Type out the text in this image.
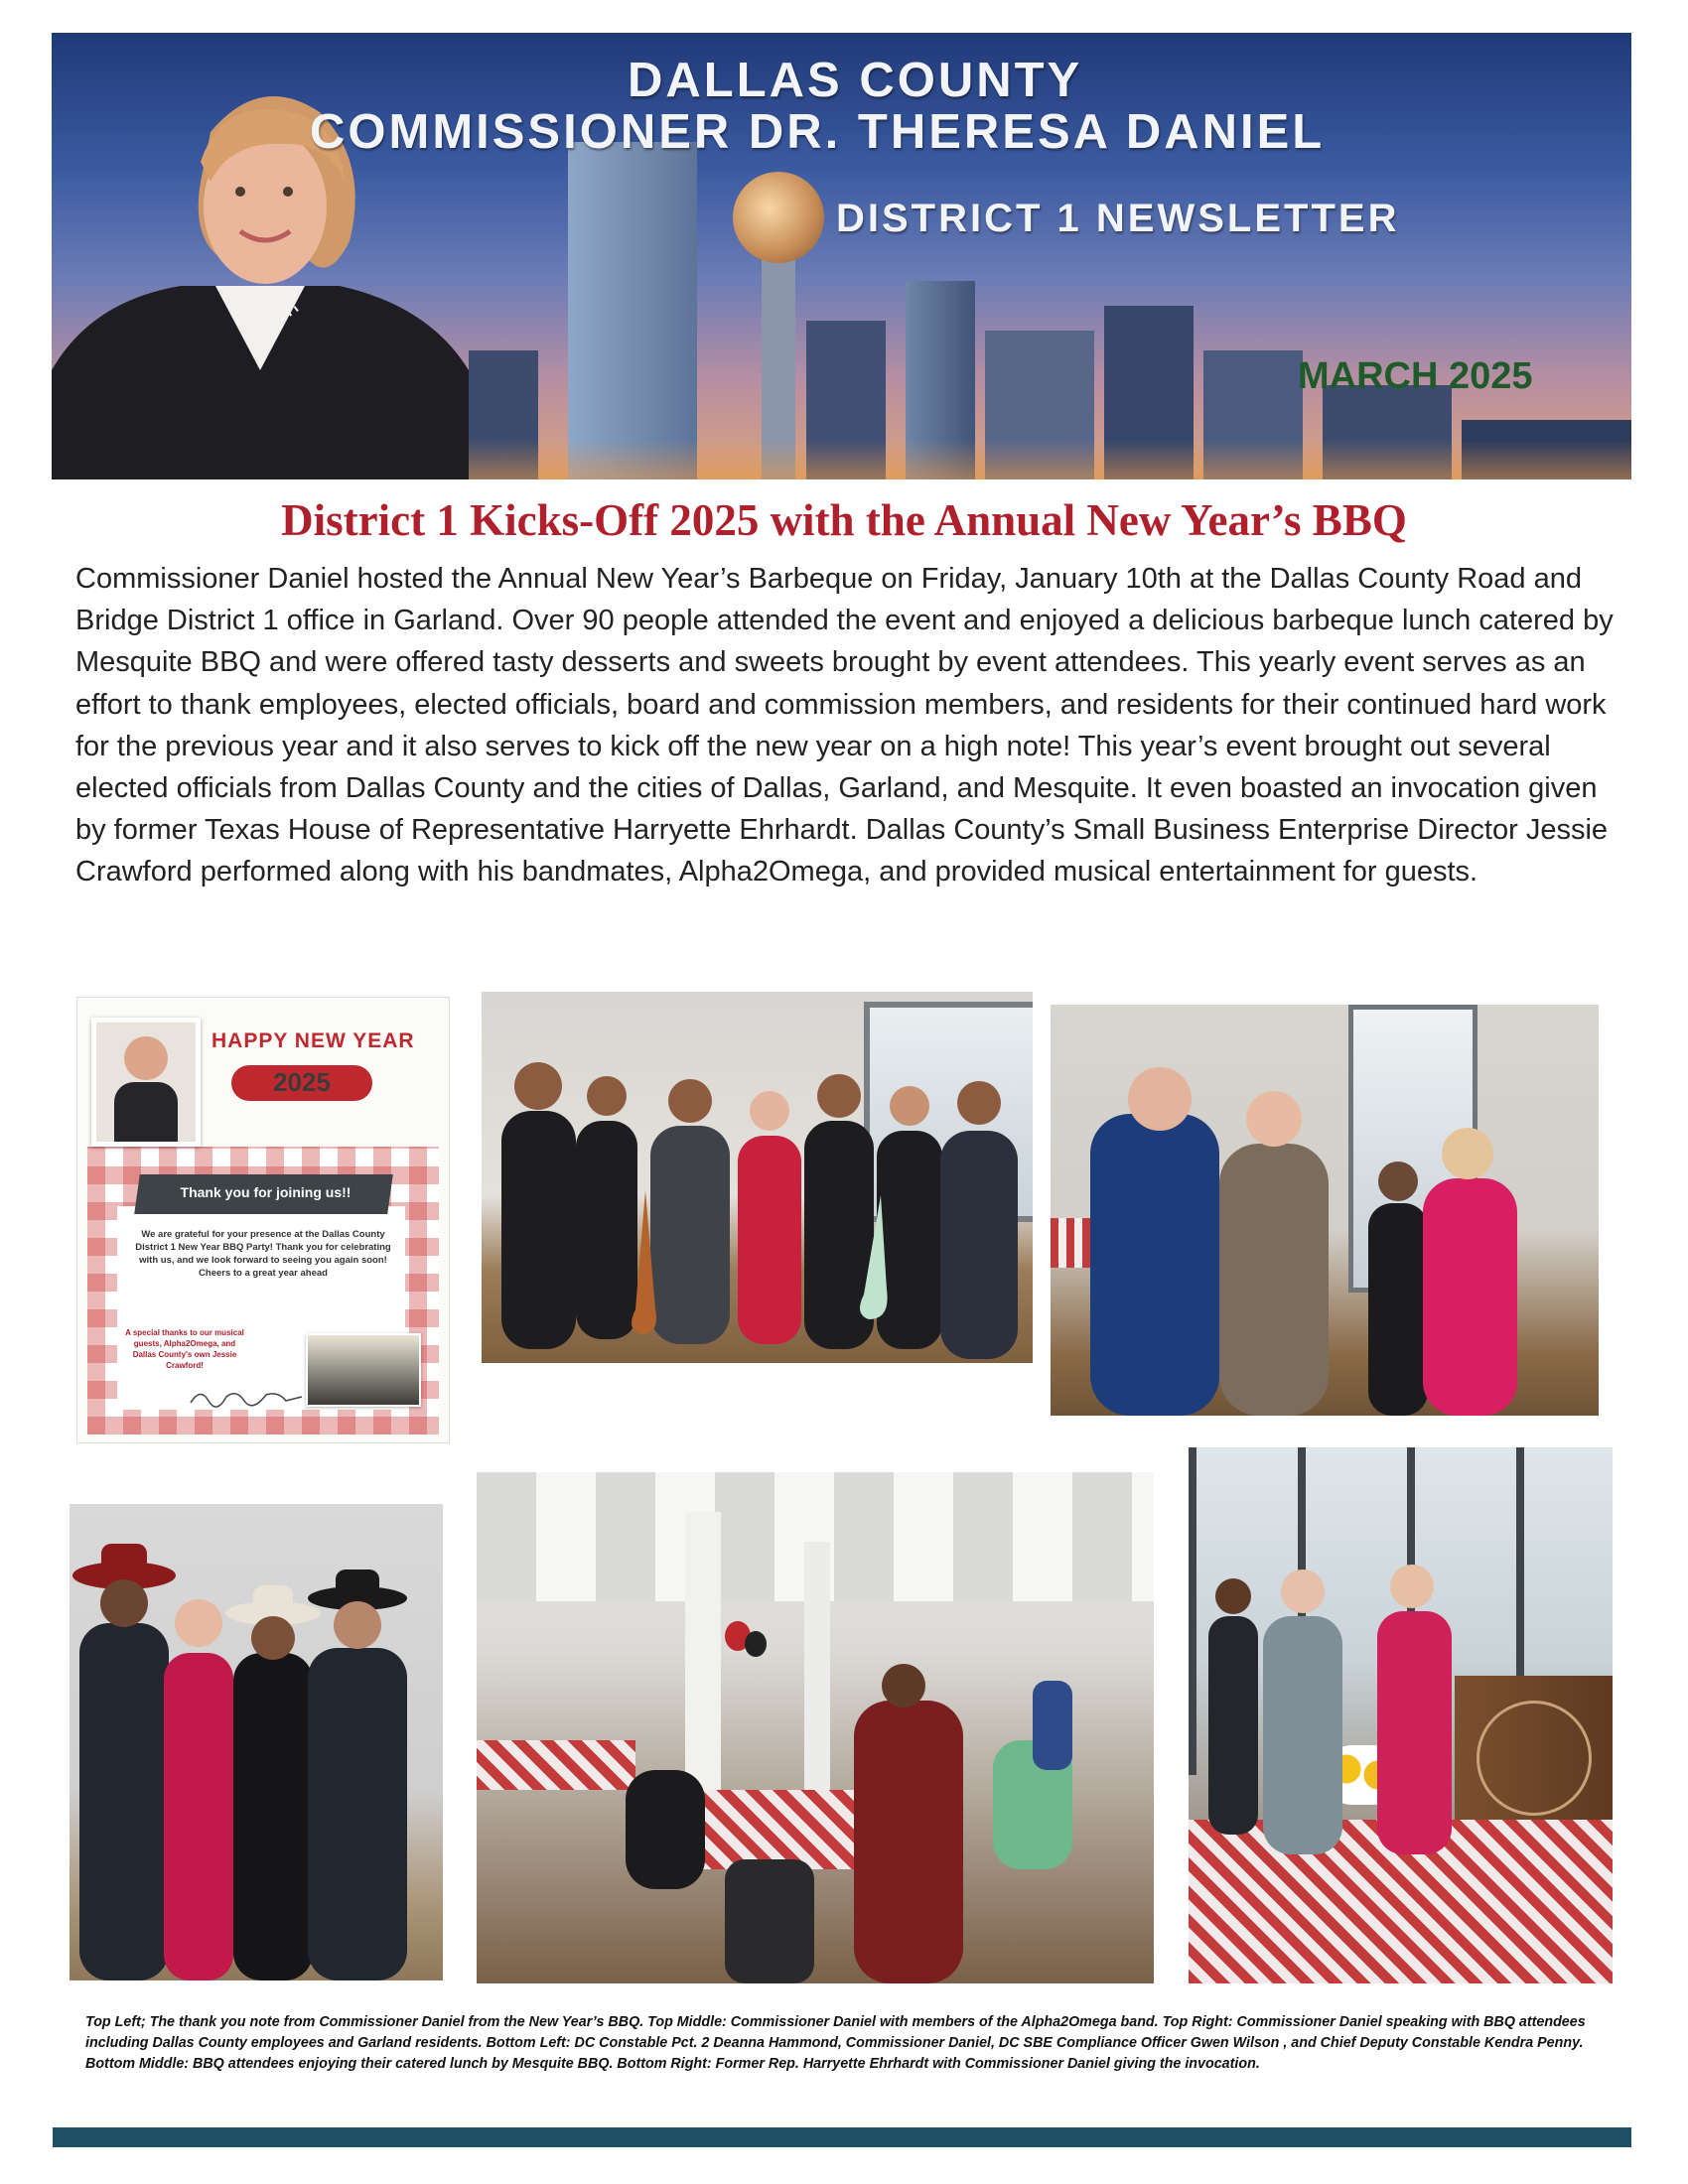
DALLAS COUNTY
COMMISSIONER DR. THERESA DANIEL
DISTRICT 1 NEWSLETTER
MARCH 2025
District 1 Kicks-Off 2025 with the Annual New Year’s BBQ
Commissioner Daniel hosted the Annual New Year’s Barbeque on Friday, January 10th at the Dallas County Road and Bridge District 1 office in Garland. Over 90 people attended the event and enjoyed a delicious barbeque lunch catered by Mesquite BBQ and were offered tasty desserts and sweets brought by event attendees. This yearly event serves as an effort to thank employees, elected officials, board and commission members, and residents for their continued hard work for the previous year and it also serves to kick off the new year on a high note! This year’s event brought out several elected officials from Dallas County and the cities of Dallas, Garland, and Mesquite. It even boasted an invocation given by former Texas House of Representative Harryette Ehrhardt. Dallas County’s Small Business Enterprise Director Jessie Crawford performed along with his bandmates, Alpha2Omega, and provided musical entertainment for guests.
HAPPY NEW YEAR
2025
Thank you for joining us!!
We are grateful for your presence at the Dallas County District 1 New Year BBQ Party! Thank you for celebrating with us, and we look forward to seeing you again soon! Cheers to a great year ahead
A special thanks to our musical guests, Alpha2Omega, and Dallas County's own Jessie Crawford!
Top Left; The thank you note from Commissioner Daniel from the New Year’s BBQ. Top Middle: Commissioner Daniel with members of the Alpha2Omega band. Top Right: Commissioner Daniel speaking with BBQ attendees including Dallas County employees and Garland residents. Bottom Left: DC Constable Pct. 2 Deanna Hammond, Commissioner Daniel, DC SBE Compliance Officer Gwen Wilson , and Chief Deputy Constable Kendra Penny. Bottom Middle: BBQ attendees enjoying their catered lunch by Mesquite BBQ. Bottom Right: Former Rep. Harryette Ehrhardt with Commissioner Daniel giving the invocation.
